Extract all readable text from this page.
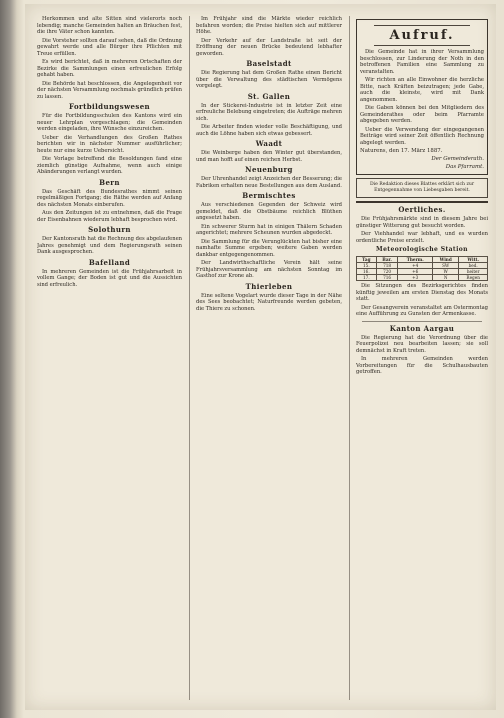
Herkommen und alte Sitten sind vielerorts noch lebendig; manche Gemeinden halten an Bräuchen fest, die ihre Väter schon kannten.

Die Vorsteher sollten darauf sehen, daß die Ordnung gewahrt werde und alle Bürger ihre Pflichten mit Treue erfüllen.

Es wird berichtet, daß in mehreren Ortschaften der Bezirke die Sammlungen einen erfreulichen Erfolg gehabt haben.

Die Behörde hat beschlossen, die Angelegenheit vor der nächsten Versammlung nochmals gründlich prüfen zu lassen.

Fortbildungswesen

Für die Fortbildungsschulen des Kantons wird ein neuer Lehrplan vorgeschlagen; die Gemeinden werden eingeladen, ihre Wünsche einzureichen.

Ueber die Verhandlungen des Großen Rathes berichten wir in nächster Nummer ausführlicher; heute nur eine kurze Uebersicht.

Die Vorlage betreffend die Besoldungen fand eine ziemlich günstige Aufnahme, wenn auch einige Abänderungen verlangt wurden.

Bern

Das Geschäft des Bundesrathes nimmt seinen regelmäßigen Fortgang; die Räthe werden auf Anfang des nächsten Monats einberufen.

Aus den Zeitungen ist zu entnehmen, daß die Frage der Eisenbahnen wiederum lebhaft besprochen wird.

Solothurn

Der Kantonsrath hat die Rechnung des abgelaufenen Jahres genehmigt und dem Regierungsrath seinen Dank ausgesprochen.

Bafelland

In mehreren Gemeinden ist die Frühjahrsarbeit in vollem Gange; der Boden ist gut und die Aussichten sind erfreulich.

Im Frühjahr sind die Märkte wieder reichlich befahren worden; die Preise hielten sich auf mittlerer Höhe.

Der Verkehr auf der Landstraße ist seit der Eröffnung der neuen Brücke bedeutend lebhafter geworden.

Baselstadt

Die Regierung hat dem Großen Rathe einen Bericht über die Verwaltung des städtischen Vermögens vorgelegt.

St. Gallen

In der Stickerei-Industrie ist in letzter Zeit eine erfreuliche Belebung eingetreten; die Aufträge mehren sich.

Die Arbeiter finden wieder volle Beschäftigung, und auch die Löhne haben sich etwas gebessert.

Waadt

Die Weinberge haben den Winter gut überstanden, und man hofft auf einen reichen Herbst.

Neuenburg

Der Uhrenhandel zeigt Anzeichen der Besserung; die Fabriken erhalten neue Bestellungen aus dem Ausland.

Bermischtes

Aus verschiedenen Gegenden der Schweiz wird gemeldet, daß die Obstbäume reichlich Blüthen angesetzt haben.

Ein schwerer Sturm hat in einigen Thälern Schaden angerichtet; mehrere Scheunen wurden abgedeckt.

Die Sammlung für die Verunglückten hat bisher eine namhafte Summe ergeben; weitere Gaben werden dankbar entgegengenommen.

Der Landwirthschaftliche Verein hält seine Frühjahrsversammlung am nächsten Sonntag im Gasthof zur Krone ab.

Thierleben

Eine seltene Vogelart wurde dieser Tage in der Nähe des Sees beobachtet; Naturfreunde werden gebeten, die Thiere zu schonen.

Aufruf.

Die Gemeinde hat in ihrer Versammlung beschlossen, zur Linderung der Noth in den betroffenen Familien eine Sammlung zu veranstalten.

Wir richten an alle Einwohner die herzliche Bitte, nach Kräften beizutragen; jede Gabe, auch die kleinste, wird mit Dank angenommen.

Die Gaben können bei den Mitgliedern des Gemeinderathes oder beim Pfarramte abgegeben werden.

Ueber die Verwendung der eingegangenen Beiträge wird seiner Zeit öffentlich Rechnung abgelegt werden.

Naturens, den 17. März 1887.
Der Gemeinderath.
Das Pfarramt.
Die Redaktion dieses Blattes erklärt sich zur Entgegennahme von Liebesgaben bereit.
Oertliches.

Die Frühjahrsmärkte sind in diesem Jahre bei günstiger Witterung gut besucht worden.

Der Viehhandel war lebhaft, und es wurden ordentliche Preise erzielt.

Meteorologische Station
Tag	Bar.	Therm.	Wind	Witt.
15.	718	+4	SW	bed.
16.	720	+6	W	heiter
17.	716	+3	N	Regen

Die Sitzungen des Bezirksgerichtes finden künftig jeweilen am ersten Dienstag des Monats statt.

Der Gesangverein veranstaltet am Ostermontag eine Aufführung zu Gunsten der Armenkasse.

Kanton Aargau

Die Regierung hat die Verordnung über die Feuerpolizei neu bearbeiten lassen; sie soll demnächst in Kraft treten.

In mehreren Gemeinden werden Vorbereitungen für die Schulhausbauten getroffen.
